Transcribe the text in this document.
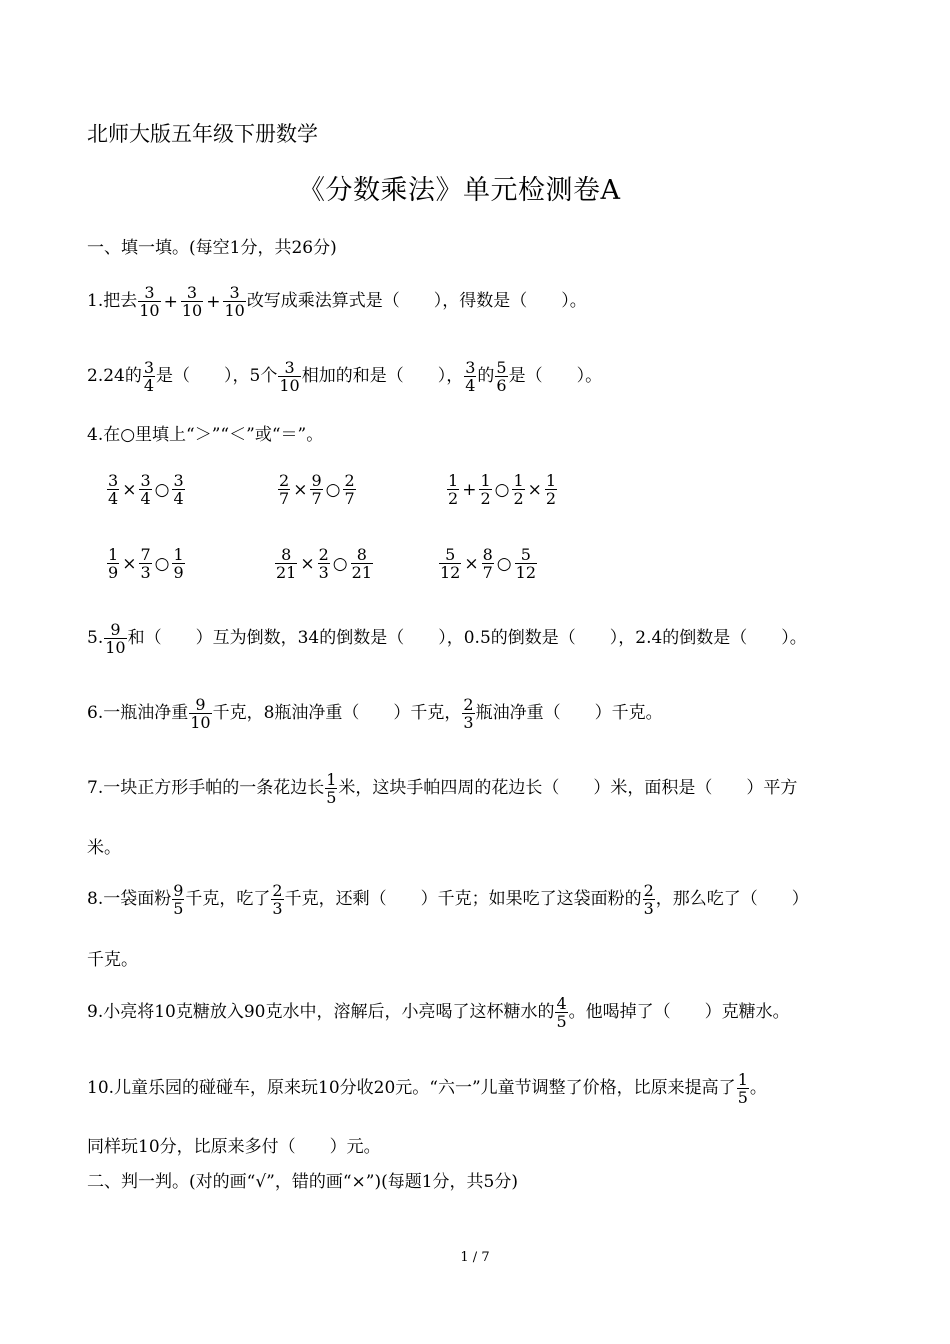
北师大版五年级下册数学
《分数乘法》单元检测卷A
一、填一填。(每空1分，共26分)
1.把去 $\frac{3}{10} + \frac{3}{10} + \frac{3}{10}$ 改写成乘法算式是（　　），得数是（　　）。
2.24的 $\frac{3}{4}$ 是（　　），5个 $\frac{3}{10}$ 相加的和是（　　）， $\frac{3}{4}$ 的 $\frac{5}{6}$ 是（　　）。
4.在○里填上“＞”“＜”或“＝”。
$\frac{3}{4} \times \frac{3}{4}$ ○ $\frac{3}{4}$	$\frac{2}{7} \times \frac{9}{7}$ ○ $\frac{2}{7}$	$\frac{1}{2} + \frac{1}{2}$ ○ $\frac{1}{2} \times \frac{1}{2}$
$\frac{1}{9} \times \frac{7}{3}$ ○ $\frac{1}{9}$	$\frac{8}{21} \times \frac{2}{3}$ ○ $\frac{8}{21}$	$\frac{5}{12} \times \frac{8}{7}$ ○ $\frac{5}{12}$
5. $\frac{9}{10}$ 和（　　）互为倒数，34的倒数是（　　），0.5的倒数是（　　），2.4的倒数是（　　）。
6.一瓶油净重 $\frac{9}{10}$ 千克，8瓶油净重（　　）千克， $\frac{2}{3}$ 瓶油净重（　　）千克。
7.一块正方形手帕的一条花边长 $\frac{1}{5}$ 米，这块手帕四周的花边长（　　）米，面积是（　　）平方
米。
8.一袋面粉 $\frac{9}{5}$ 千克，吃了 $\frac{2}{3}$ 千克，还剩（　　）千克；如果吃了这袋面粉的 $\frac{2}{3}$ ，那么吃了（　　）
千克。
9.小亮将10克糖放入90克水中，溶解后，小亮喝了这杯糖水的 $\frac{4}{5}$ 。他喝掉了（　　）克糖水。
10.儿童乐园的碰碰车，原来玩10分收20元。“六一”儿童节调整了价格，比原来提高了 $\frac{1}{5}$ 。
同样玩10分，比原来多付（　　）元。
二、判一判。(对的画“√”，错的画“×”)(每题1分，共5分)
1 / 7
